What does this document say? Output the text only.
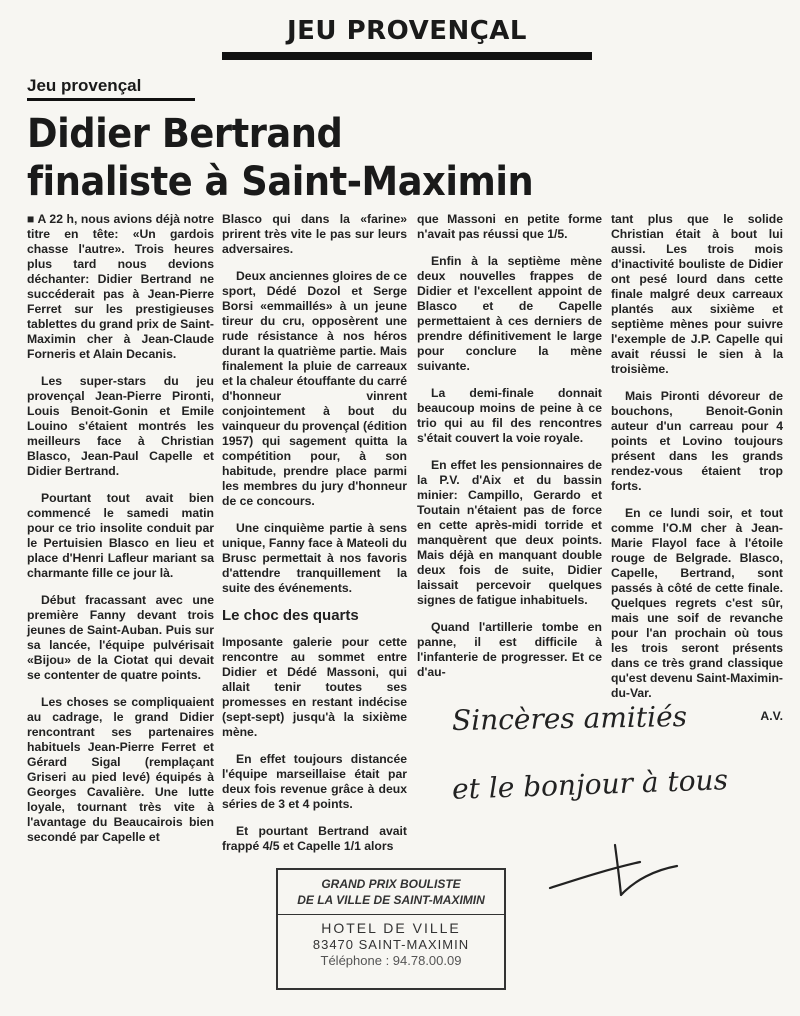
JEU PROVENÇAL
Jeu provençal
Didier Bertrand
finaliste à Saint-Maximin

■ A 22 h, nous avions déjà notre titre en tête: «Un gardois chasse l'autre». Trois heures plus tard nous devions déchanter: Didier Bertrand ne succéderait pas à Jean-Pierre Ferret sur les prestigieuses tablettes du grand prix de Saint-Maximin cher à Jean-Claude Forneris et Alain Decanis.

Les super-stars du jeu provençal Jean-Pierre Pironti, Louis Benoit-Gonin et Emile Louino s'étaient montrés les meilleurs face à Christian Blasco, Jean-Paul Capelle et Didier Bertrand.

Pourtant tout avait bien commencé le samedi matin pour ce trio insolite conduit par le Pertuisien Blasco en lieu et place d'Henri Lafleur mariant sa charmante fille ce jour là.

Début fracassant avec une première Fanny devant trois jeunes de Saint-Auban. Puis sur sa lancée, l'équipe pulvérisait «Bijou» de la Ciotat qui devait se contenter de quatre points.

Les choses se compliquaient au cadrage, le grand Didier rencontrant ses partenaires habituels Jean-Pierre Ferret et Gérard Sigal (remplaçant Griseri au pied levé) équipés à Georges Cavalière. Une lutte loyale, tournant très vite à l'avantage du Beaucairois bien secondé par Capelle et

Blasco qui dans la «farine» prirent très vite le pas sur leurs adversaires.

Deux anciennes gloires de ce sport, Dédé Dozol et Serge Borsi «emmaillés» à un jeune tireur du cru, opposèrent une rude résistance à nos héros durant la quatrième partie. Mais finalement la pluie de carreaux et la chaleur étouffante du carré d'honneur vinrent conjointement à bout du vainqueur du provençal (édition 1957) qui sagement quitta la compétition pour, à son habitude, prendre place parmi les membres du jury d'honneur de ce concours.

Une cinquième partie à sens unique, Fanny face à Mateoli du Brusc permettait à nos favoris d'attendre tranquillement la suite des événements.

Le choc des quarts

Imposante galerie pour cette rencontre au sommet entre Didier et Dédé Massoni, qui allait tenir toutes ses promesses en restant indécise (sept-sept) jusqu'à la sixième mène.

En effet toujours distancée l'équipe marseillaise était par deux fois revenue grâce à deux séries de 3 et 4 points.

Et pourtant Bertrand avait frappé 4/5 et Capelle 1/1 alors

que Massoni en petite forme n'avait pas réussi que 1/5.

Enfin à la septième mène deux nouvelles frappes de Didier et l'excellent appoint de Blasco et de Capelle permettaient à ces derniers de prendre définitivement le large pour conclure la mène suivante.

La demi-finale donnait beaucoup moins de peine à ce trio qui au fil des rencontres s'était couvert la voie royale.

En effet les pensionnaires de la P.V. d'Aix et du bassin minier: Campillo, Gerardo et Toutain n'étaient pas de force en cette après-midi torride et manquèrent que deux points. Mais déjà en manquant double deux fois de suite, Didier laissait percevoir quelques signes de fatigue inhabituels.

Quand l'artillerie tombe en panne, il est difficile à l'infanterie de progresser. Et ce d'au-

tant plus que le solide Christian était à bout lui aussi. Les trois mois d'inactivité bouliste de Didier ont pesé lourd dans cette finale malgré deux carreaux plantés aux sixième et septième mènes pour suivre l'exemple de J.P. Capelle qui avait réussi le sien à la troisième.

Mais Pironti dévoreur de bouchons, Benoit-Gonin auteur d'un carreau pour 4 points et Lovino toujours présent dans les grands rendez-vous étaient trop forts.

En ce lundi soir, et tout comme l'O.M cher à Jean-Marie Flayol face à l'étoile rouge de Belgrade. Blasco, Capelle, Bertrand, sont passés à côté de cette finale. Quelques regrets c'est sûr, mais une soif de revanche pour l'an prochain où tous les trois seront présents dans ce très grand classique qu'est devenu Saint-Maximin-du-Var.

A.V.
Sincères amitiés
et le bonjour à tous
GRAND PRIX BOULISTE
DE LA VILLE DE SAINT-MAXIMIN
HOTEL DE VILLE
83470 SAINT-MAXIMIN
Téléphone : 94.78.00.09
